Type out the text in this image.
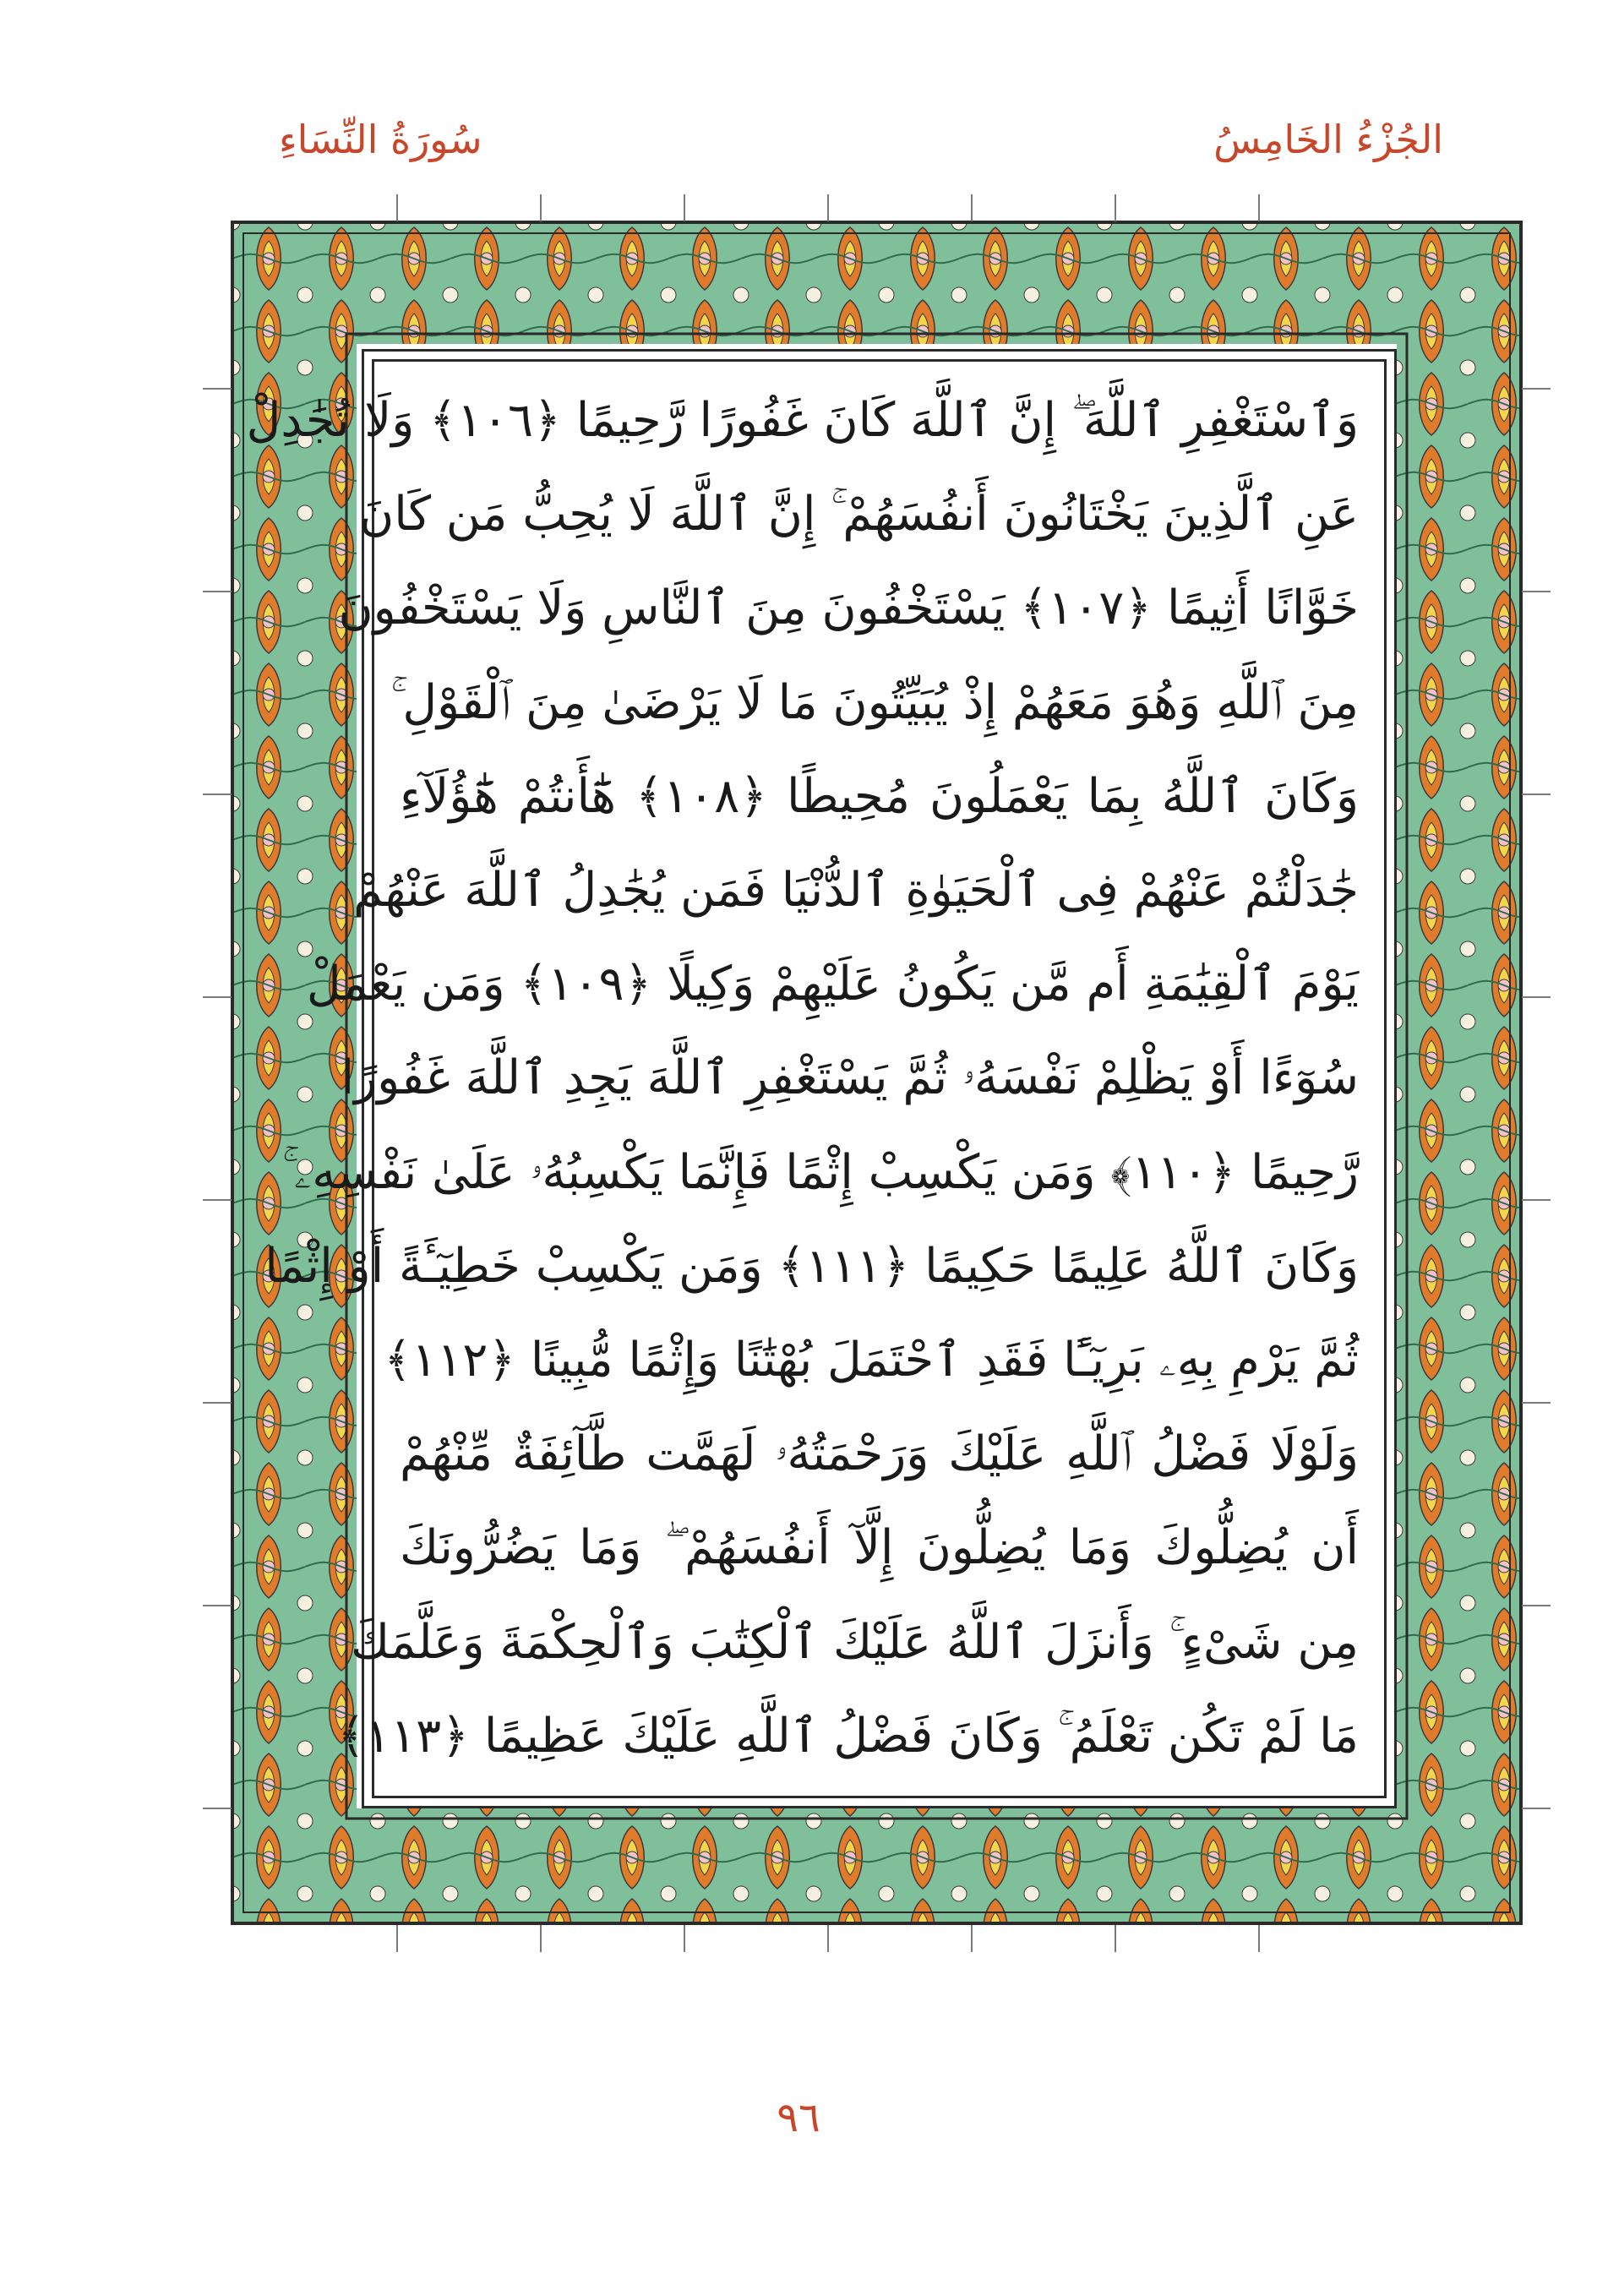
الجُزْءُ الخَامِسُ
سُورَةُ النِّسَاءِ
وَٱسْتَغْفِرِ ٱللَّهَ ۖ إِنَّ ٱللَّهَ كَانَ غَفُورًا رَّحِيمًا ﴿١٠٦﴾ وَلَا تُجَٰدِلْ
عَنِ ٱلَّذِينَ يَخْتَانُونَ أَنفُسَهُمْ ۚ إِنَّ ٱللَّهَ لَا يُحِبُّ مَن كَانَ
خَوَّانًا أَثِيمًا ﴿١٠٧﴾ يَسْتَخْفُونَ مِنَ ٱلنَّاسِ وَلَا يَسْتَخْفُونَ
مِنَ ٱللَّهِ وَهُوَ مَعَهُمْ إِذْ يُبَيِّتُونَ مَا لَا يَرْضَىٰ مِنَ ٱلْقَوْلِ ۚ
وَكَانَ ٱللَّهُ بِمَا يَعْمَلُونَ مُحِيطًا ﴿١٠٨﴾ هَٰٓأَنتُمْ هَٰٓؤُلَآءِ
جَٰدَلْتُمْ عَنْهُمْ فِى ٱلْحَيَوٰةِ ٱلدُّنْيَا فَمَن يُجَٰدِلُ ٱللَّهَ عَنْهُمْ
يَوْمَ ٱلْقِيَٰمَةِ أَم مَّن يَكُونُ عَلَيْهِمْ وَكِيلًا ﴿١٠٩﴾ وَمَن يَعْمَلْ
سُوٓءًا أَوْ يَظْلِمْ نَفْسَهُۥ ثُمَّ يَسْتَغْفِرِ ٱللَّهَ يَجِدِ ٱللَّهَ غَفُورًا
رَّحِيمًا ﴿١١٠﴾ وَمَن يَكْسِبْ إِثْمًا فَإِنَّمَا يَكْسِبُهُۥ عَلَىٰ نَفْسِهِۦ ۚ
وَكَانَ ٱللَّهُ عَلِيمًا حَكِيمًا ﴿١١١﴾ وَمَن يَكْسِبْ خَطِيٓـَٔةً أَوْ إِثْمًا
ثُمَّ يَرْمِ بِهِۦ بَرِيٓـًٔا فَقَدِ ٱحْتَمَلَ بُهْتَٰنًا وَإِثْمًا مُّبِينًا ﴿١١٢﴾
وَلَوْلَا فَضْلُ ٱللَّهِ عَلَيْكَ وَرَحْمَتُهُۥ لَهَمَّت طَّآئِفَةٌ مِّنْهُمْ
أَن يُضِلُّوكَ وَمَا يُضِلُّونَ إِلَّآ أَنفُسَهُمْ ۖ وَمَا يَضُرُّونَكَ
مِن شَىْءٍ ۚ وَأَنزَلَ ٱللَّهُ عَلَيْكَ ٱلْكِتَٰبَ وَٱلْحِكْمَةَ وَعَلَّمَكَ
مَا لَمْ تَكُن تَعْلَمُ ۚ وَكَانَ فَضْلُ ٱللَّهِ عَلَيْكَ عَظِيمًا ﴿١١٣﴾
٩٦
